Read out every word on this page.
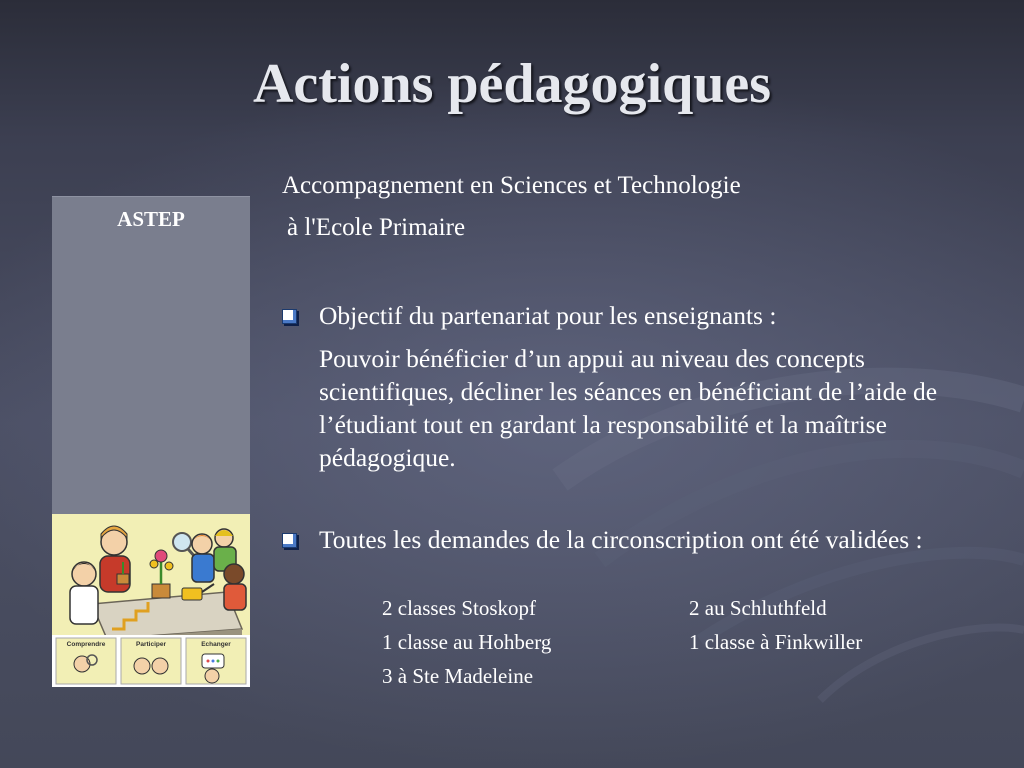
Actions pédagogiques
ASTEP
Comprendre	Participer	Echanger
Accompagnement en Sciences et Technologie
à l'Ecole Primaire
Objectif du partenariat pour les enseignants :
Pouvoir bénéficier d’un appui au niveau des concepts scientifiques, décliner les séances en bénéficiant de l’aide de l’étudiant tout en gardant la responsabilité et la maîtrise pédagogique.
Toutes les demandes de la circonscription ont été validées :
2 classes Stoskopf	2 au Schluthfeld
1 classe au Hohberg	1 classe à Finkwiller
3 à Ste Madeleine
